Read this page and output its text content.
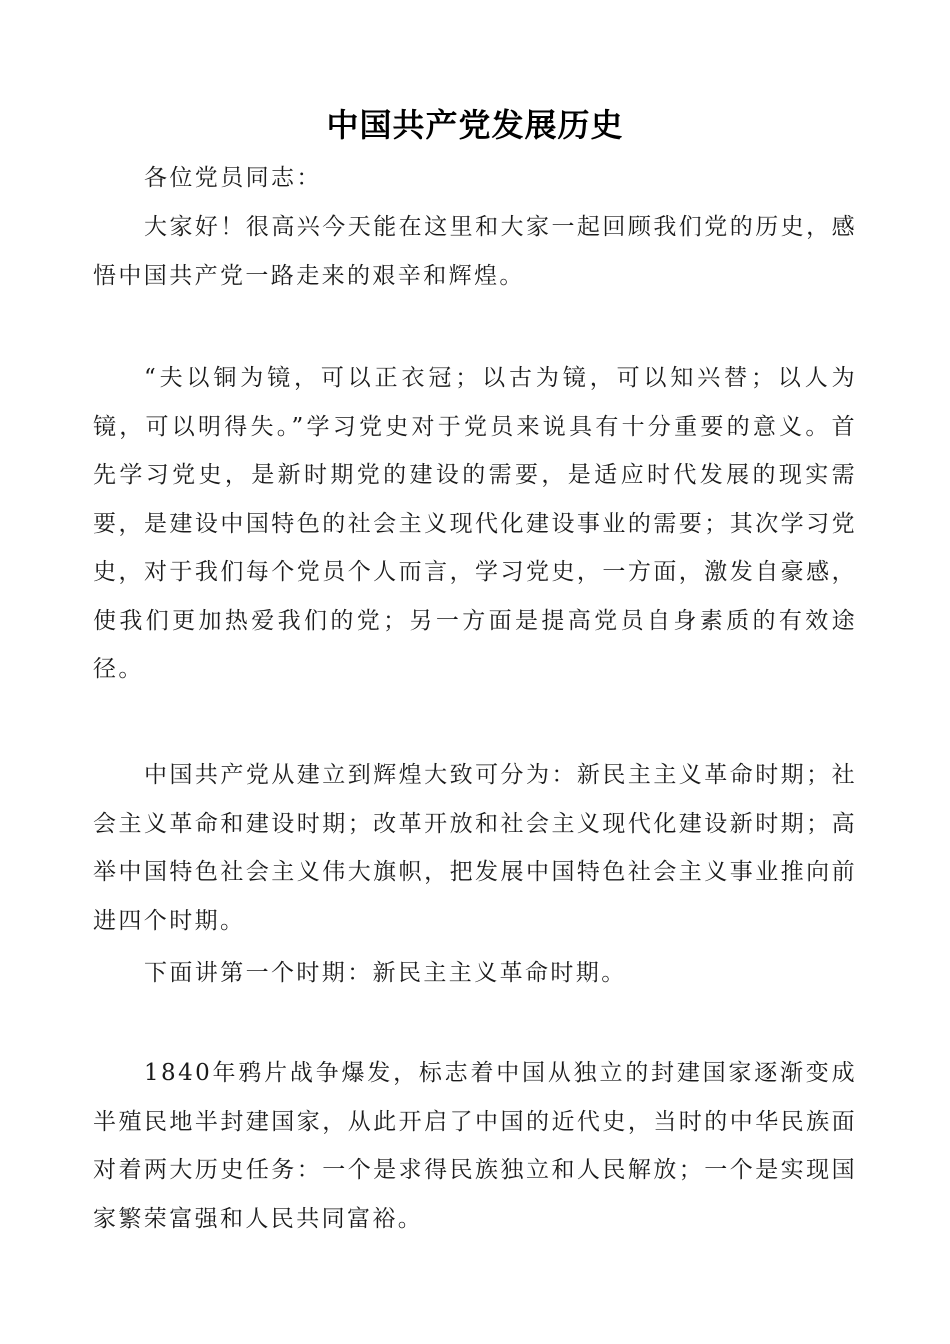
中国共产党发展历史

各位党员同志：

大家好！很高兴今天能在这里和大家一起回顾我们党的历史，感悟中国共产党一路走来的艰辛和辉煌。

“夫以铜为镜，可以正衣冠；以古为镜，可以知兴替；以人为镜，可以明得失。”学习党史对于党员来说具有十分重要的意义。首先学习党史，是新时期党的建设的需要，是适应时代发展的现实需要，是建设中国特色的社会主义现代化建设事业的需要；其次学习党史，对于我们每个党员个人而言，学习党史，一方面，激发自豪感，使我们更加热爱我们的党；另一方面是提高党员自身素质的有效途径。

中国共产党从建立到辉煌大致可分为：新民主主义革命时期；社会主义革命和建设时期；改革开放和社会主义现代化建设新时期；高举中国特色社会主义伟大旗帜，把发展中国特色社会主义事业推向前进四个时期。

下面讲第一个时期：新民主主义革命时期。

1840年鸦片战争爆发，标志着中国从独立的封建国家逐渐变成半殖民地半封建国家，从此开启了中国的近代史，当时的中华民族面对着两大历史任务：一个是求得民族独立和人民解放；一个是实现国家繁荣富强和人民共同富裕。
